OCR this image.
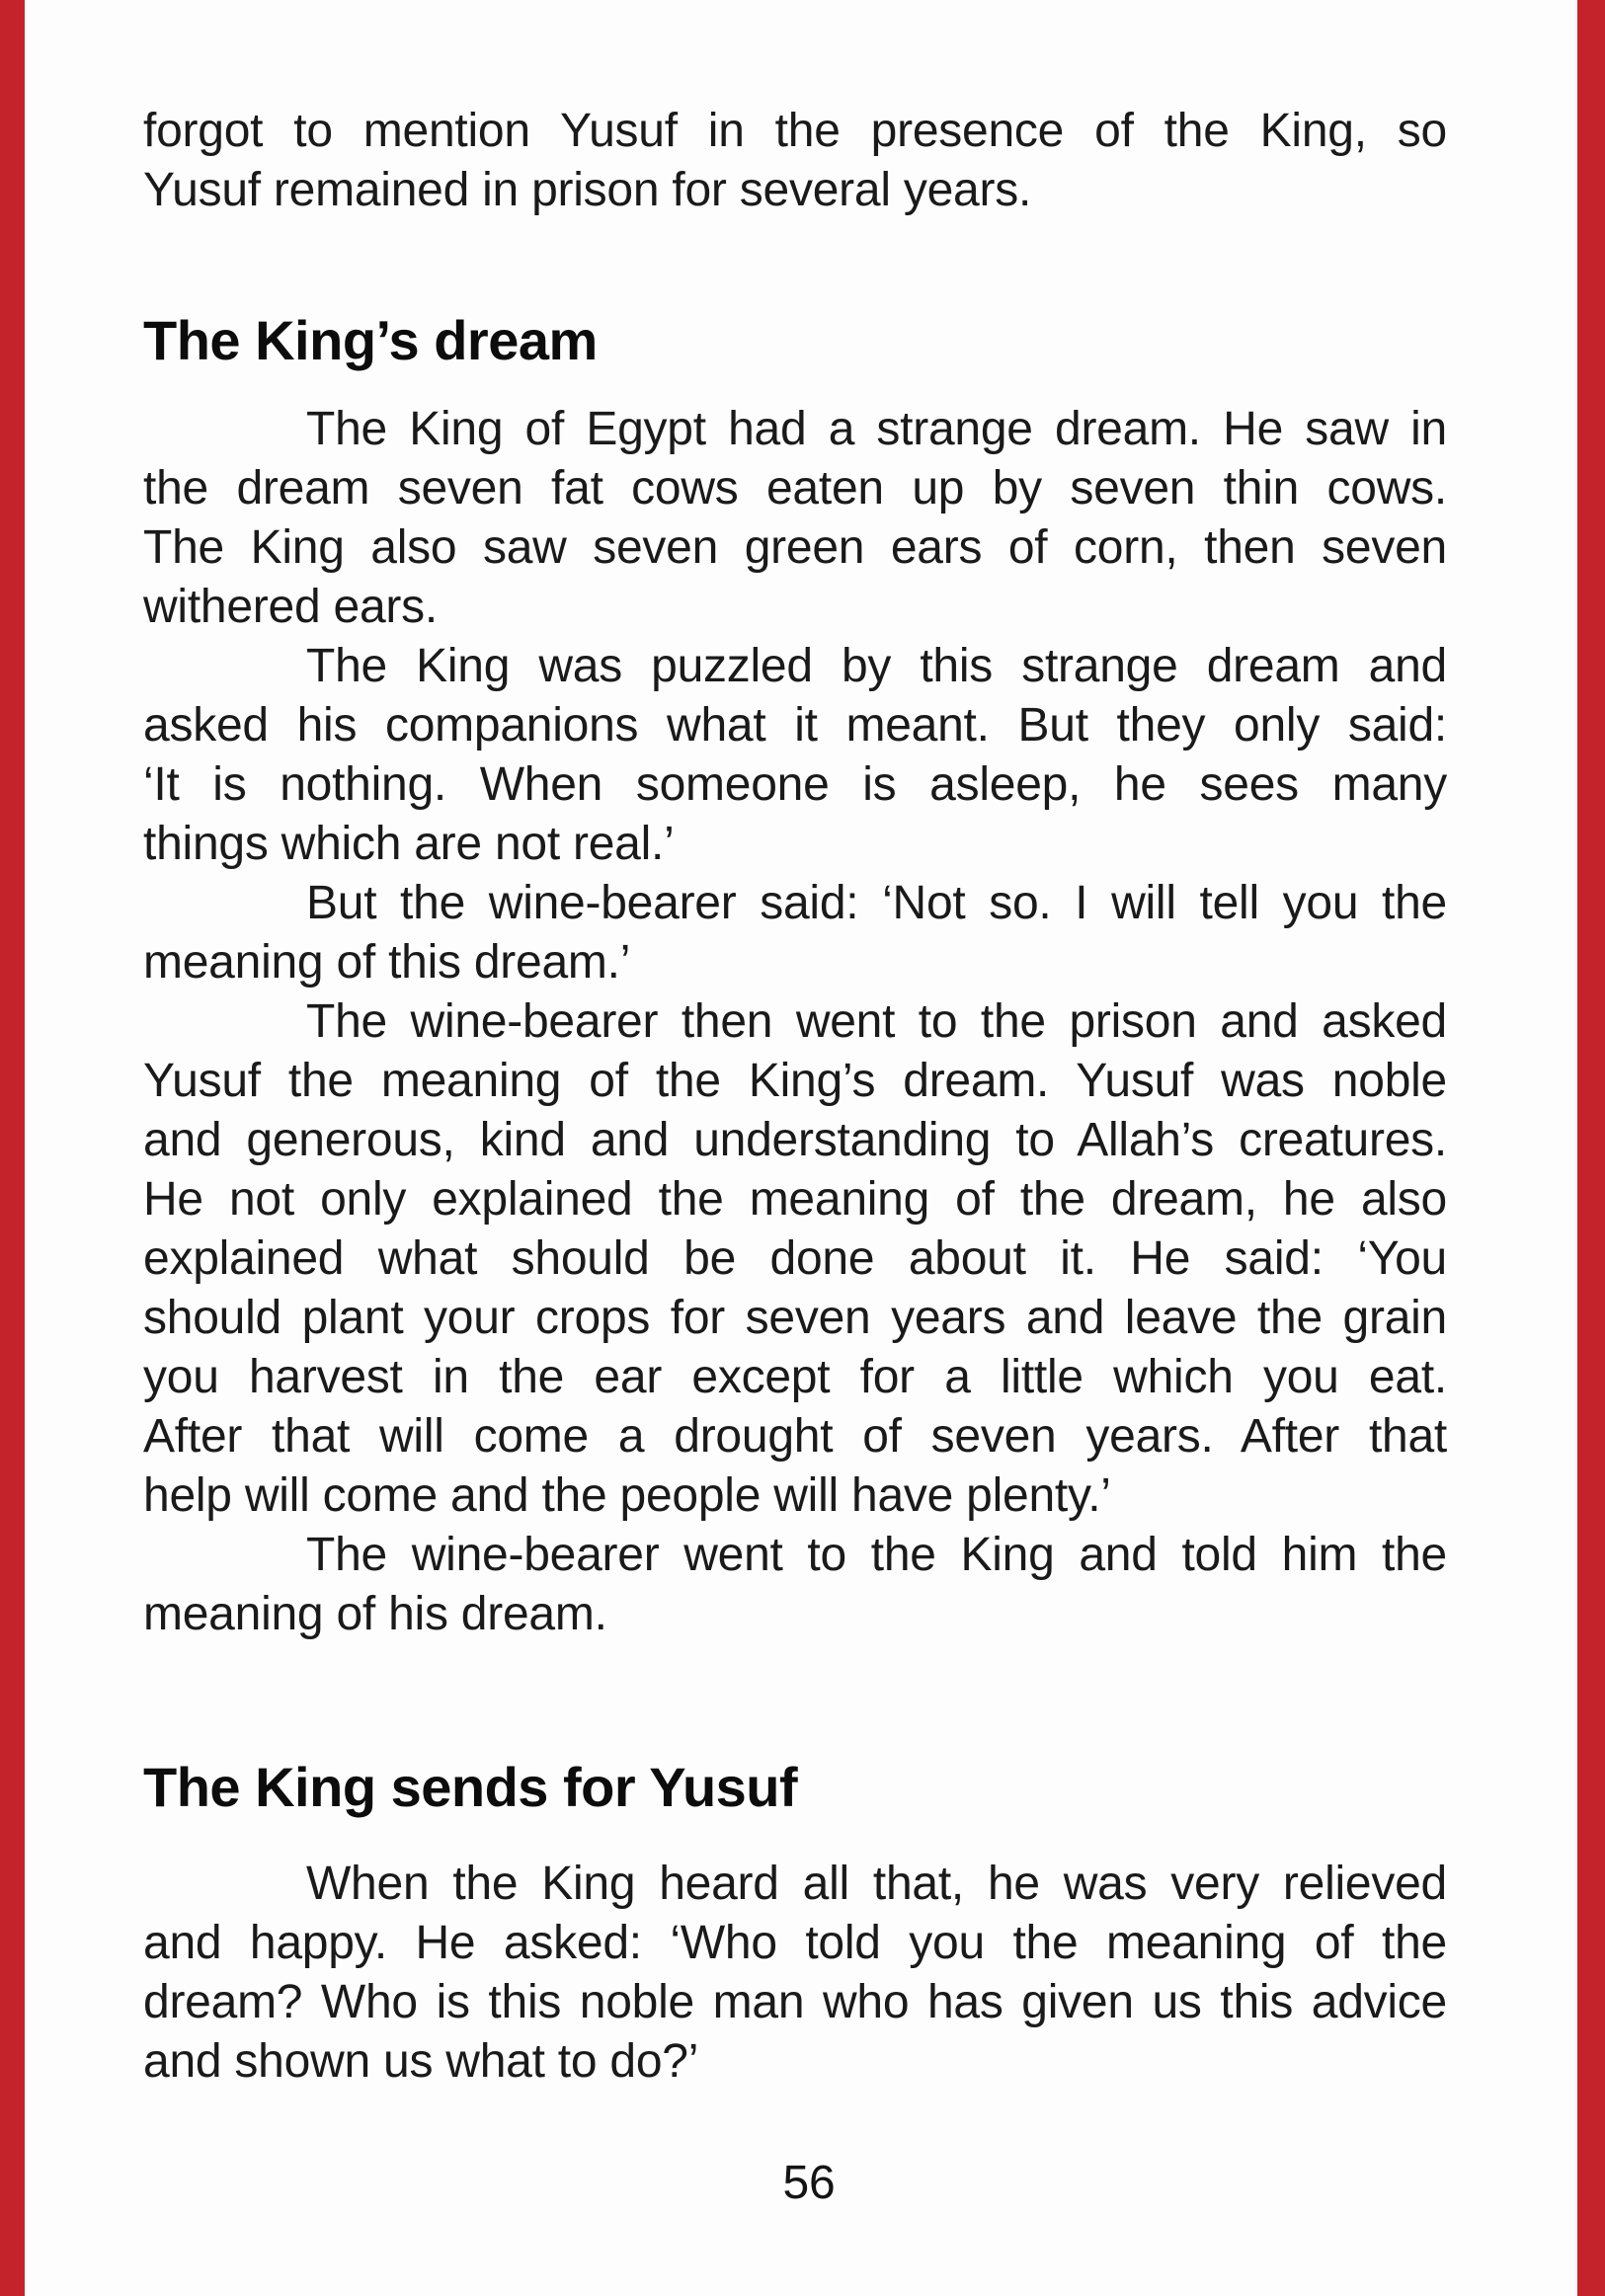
forgot to mention Yusuf in the presence of the King, so
Yusuf remained in prison for several years.
The King’s dream
The King of Egypt had a strange dream. He saw in
the dream seven fat cows eaten up by seven thin cows.
The King also saw seven green ears of corn, then seven
withered ears.
The King was puzzled by this strange dream and
asked his companions what it meant. But they only said:
‘It is nothing. When someone is asleep, he sees many
things which are not real.’
But the wine-bearer said: ‘Not so. I will tell you the
meaning of this dream.’
The wine-bearer then went to the prison and asked
Yusuf the meaning of the King’s dream. Yusuf was noble
and generous, kind and understanding to Allah’s creatures.
He not only explained the meaning of the dream, he also
explained what should be done about it. He said: ‘You
should plant your crops for seven years and leave the grain
you harvest in the ear except for a little which you eat.
After that will come a drought of seven years. After that
help will come and the people will have plenty.’
The wine-bearer went to the King and told him the
meaning of his dream.
The King sends for Yusuf
When the King heard all that, he was very relieved
and happy. He asked: ‘Who told you the meaning of the
dream? Who is this noble man who has given us this advice
and shown us what to do?’
56
